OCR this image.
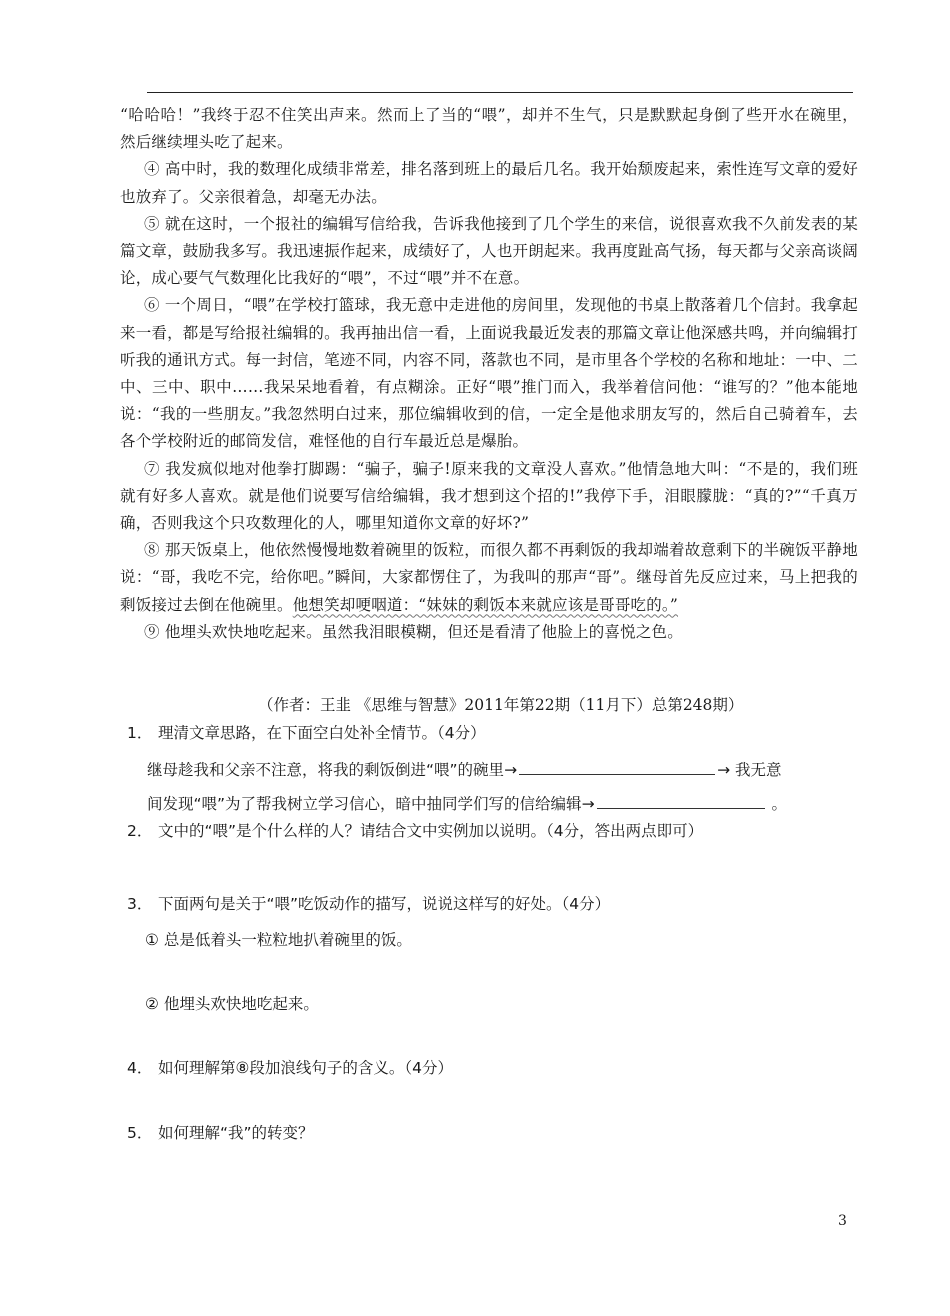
“哈哈哈！”我终于忍不住笑出声来。然而上了当的“喂”，却并不生气，只是默默起身倒了些开水在碗里，然后继续埋头吃了起来。

④ 高中时，我的数理化成绩非常差，排名落到班上的最后几名。我开始颓废起来，索性连写文章的爱好也放弃了。父亲很着急，却毫无办法。

⑤ 就在这时，一个报社的编辑写信给我，告诉我他接到了几个学生的来信，说很喜欢我不久前发表的某篇文章，鼓励我多写。我迅速振作起来，成绩好了，人也开朗起来。我再度趾高气扬，每天都与父亲高谈阔论，成心要气气数理化比我好的“喂”，不过“喂”并不在意。

⑥ 一个周日，“喂”在学校打篮球，我无意中走进他的房间里，发现他的书桌上散落着几个信封。我拿起来一看，都是写给报社编辑的。我再抽出信一看，上面说我最近发表的那篇文章让他深感共鸣，并向编辑打听我的通讯方式。每一封信，笔迹不同，内容不同，落款也不同，是市里各个学校的名称和地址：一中、二中、三中、职中……我呆呆地看着，有点糊涂。正好“喂”推门而入，我举着信问他：“谁写的？”他本能地说：“我的一些朋友。”我忽然明白过来，那位编辑收到的信，一定全是他求朋友写的，然后自己骑着车，去各个学校附近的邮筒发信，难怪他的自行车最近总是爆胎。

⑦ 我发疯似地对他拳打脚踢：“骗子，骗子!原来我的文章没人喜欢。”他情急地大叫：“不是的，我们班就有好多人喜欢。就是他们说要写信给编辑，我才想到这个招的!”我停下手，泪眼朦胧：“真的?”“千真万确，否则我这个只攻数理化的人，哪里知道你文章的好坏?”

⑧ 那天饭桌上，他依然慢慢地数着碗里的饭粒，而很久都不再剩饭的我却端着故意剩下的半碗饭平静地说：“哥，我吃不完，给你吧。”瞬间，大家都愣住了，为我叫的那声“哥”。继母首先反应过来，马上把我的剩饭接过去倒在他碗里。他想笑却哽咽道：“妹妹的剩饭本来就应该是哥哥吃的。”

⑨ 他埋头欢快地吃起来。虽然我泪眼模糊，但还是看清了他脸上的喜悦之色。

（作者：王韭 《思维与智慧》2011年第22期（11月下）总第248期）
1． 理清文章思路，在下面空白处补全情节。（4分）
继母趁我和父亲不注意，将我的剩饭倒进“喂”的碗里→	→ 我无意
间发现“喂”为了帮我树立学习信心，暗中抽同学们写的信给编辑→	。
2． 文中的“喂”是个什么样的人？请结合文中实例加以说明。（4分，答出两点即可）
3． 下面两句是关于“喂”吃饭动作的描写，说说这样写的好处。（4分）
① 总是低着头一粒粒地扒着碗里的饭。
② 他埋头欢快地吃起来。
4． 如何理解第⑧段加浪线句子的含义。（4分）
5． 如何理解“我”的转变？
3
